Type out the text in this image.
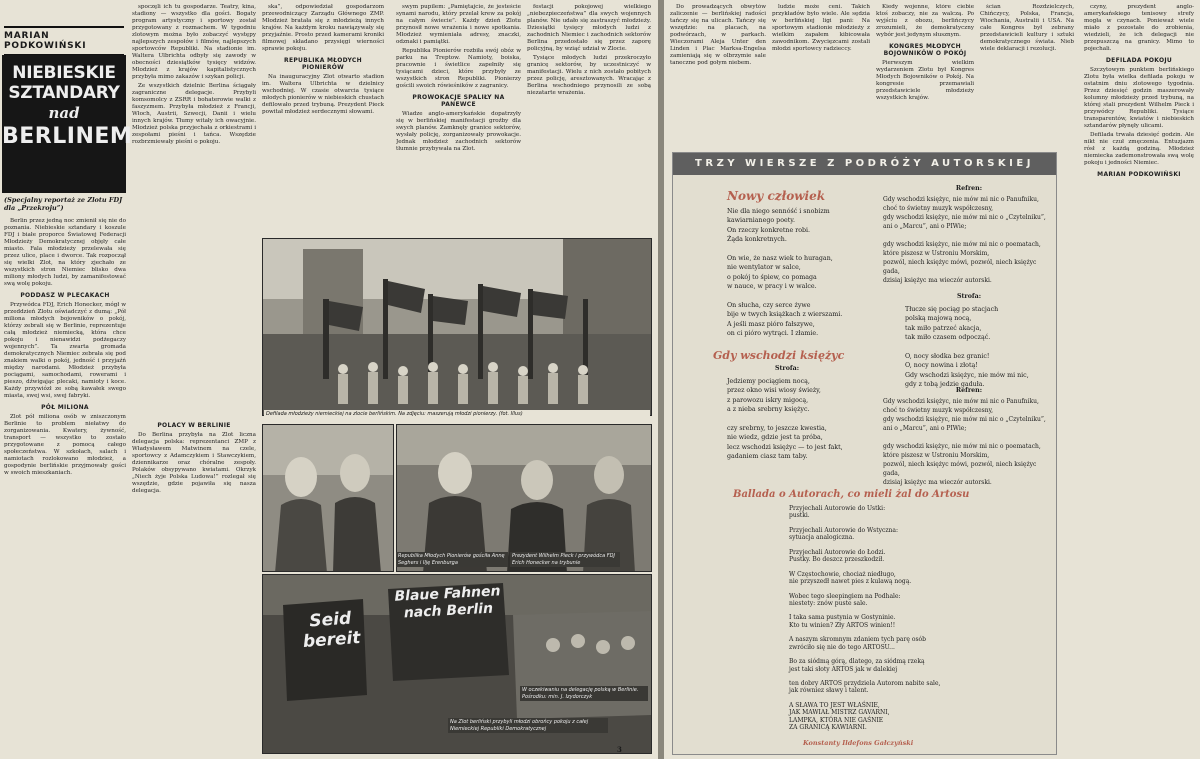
MARIAN PODKOWIŃSKI
NIEBIESKIE
SZTANDARY
nad
BERLINEM
(Specjalny reportaż ze Zlotu FDJ dla „Przekroju”)

Berlin przez jedną noc zmienił się nie do poznania. Niebieskie sztandary i koszule FDJ i białe proporce Światowej Federacji Młodzieży Demokratycznej objęły całe miasto. Fala młodzieży przelewała się przez ulice, place i dworce. Tak rozpoczął się wielki Zlot, na który zjechało ze wszystkich stron Niemiec blisko dwa miliony młodych ludzi, by zamanifestować swą wolę pokoju.

PODDASZ W PLECAKACH

Przywódca FDJ, Erich Honecker, mógł w przeddzień Zlotu oświadczyć z dumą: „Pół miliona młodych bojowników o pokój, którzy zebrali się w Berlinie, reprezentuje całą młodzież niemiecką, która chce pokoju i nienawidzi podżegaczy wojennych”. Ta zwarta gromada demokratycznych Niemiec zebrała się pod znakiem walki o pokój, jedność i przyjaźń między narodami. Młodzież przybyła pociągami, samochodami, rowerami i pieszo, dźwigając plecaki, namioty i koce. Każdy przywiózł ze sobą kawałek swego miasta, swej wsi, swej fabryki.

PÓŁ MILIONA

Zlot pół miliona osób w zniszczonym Berlinie to problem niełatwy do zorganizowania. Kwatery, żywność, transport — wszystko to zostało przygotowane z pomocą całego społeczeństwa. W szkołach, salach i namiotach rozlokowano młodzież, a gospodynie berlińskie przyjmowały gości w swoich mieszkaniach.

spoczęli ich tu gospodarze. Teatry, kina, stadiony — wszystko dla gości. Bogaty program artystyczny i sportowy został przygotowany z rozmachem. W tygodniu zlotowym można było zobaczyć występy najlepszych zespołów i filmów, najlepszych sportowców Republiki. Na stadionie im. Waltera Ulbrichta odbyły się zawody w obecności dziesiątków tysięcy widzów. Młodzież z krajów kapitalistycznych przybyła mimo zakazów i szykan policji.

Ze wszystkich dzielnic Berlina ściągały zagraniczne delegacje. Przybyli komsomolcy z ZSRR i bohaterowie walki z faszyzmem. Przybyła młodzież z Francji, Włoch, Austrii, Szwecji, Danii i wielu innych krajów. Tłumy witały ich owacyjnie. Młodzież polska przyjechała z orkiestrami i zespołami pieśni i tańca. Wszędzie rozbrzmiewały pieśni o pokoju.

ska”, odpowiedział gospodarzom przewodniczący Zarządu Głównego ZMP. Młodzież bratała się z młodzieżą innych krajów. Na każdym kroku nawiązywały się przyjaźnie. Prosto przed kamerami kroniki filmowej składano przysięgi wierności sprawie pokoju.

REPUBLIKA MŁODYCH PIONIERÓW

Na inauguracyjny Zlot otwarto stadion im. Waltera Ulbrichta w dzielnicy wschodniej. W czasie otwarcia tysiące młodych pionierów w niebieskich chustach defilowało przed trybuną. Prezydent Pieck powitał młodzież serdecznymi słowami.

swym pupilem: „Pamiętajcie, że jesteście synami narodu, który przelał krew za pokój na całym świecie”. Każdy dzień Zlotu przynosił nowe wrażenia i nowe spotkania. Młodzież wymieniała adresy, znaczki, odznaki i pamiątki.

Republika Pionierów rozbiła swój obóz w parku na Treptow. Namioty, boiska, pracownie i świetlice zapełniły się tysiącami dzieci, które przybyły ze wszystkich stron Republiki. Pionierzy gościli swoich rówieśników z zagranicy.

PROWOKACJE SPALIŁY NA PANEWCE

Wiadze anglo-amerykańskie dopatrzyły się w berlińskiej manifestacji groźby dla swych planów. Zamknęły granice sektorów, wysłały policję, zorganizowały prowokacje. Jednak młodzież zachodnich sektorów tłumnie przybywała na Zlot.

festacji pokojowej wielkiego „niebezpieczeństwa” dla swych wojennych planów. Nie udało się zastraszyć młodzieży. Dziesiątki tysięcy młodych ludzi z zachodnich Niemiec i zachodnich sektorów Berlina przedostało się przez zaporę policyjną, by wziąć udział w Zlocie.

Tysiące młodych ludzi przekroczyło granicę sektorów, by uczestniczyć w manifestacji. Wielu z nich zostało pobitych przez policję, aresztowanych. Wracając z Berlina wschodniego przynosili ze sobą niezatarte wrażenia.

Defilada młodzieży niemieckiej na zlocie berlińskim. Na zdjęciu: maszerują młodzi pionierzy. (fot. Illus)
POLACY W BERLINIE

Do Berlina przybyła na Zlot liczna delegacja polska: reprezentanci ZMP z Władysławem Matwinem na czele, sportowcy z Adamczykiem i Stawczykiem, dziennikarze oraz chóralne zespoły. Polaków obsypywano kwiatami. Okrzyk „Niech żyje Polska Ludowa!” rozlegał się wszędzie, gdzie pojawiła się nasza delegacja.

Republika Młodych Pionierów gościła Annę Seghers i Ilję Erenburga
Prezydent Wilhelm Pieck i przywódca FDJ Erich Honecker na trybunie
Seid bereit
Blaue Fahnen nach Berlin
W oczekiwaniu na delegację polską w Berlinie. Pośrodku: min. J. Izydorczyk
Na Zlot berliński przybyli młodzi obrońcy pokoju z całej Niemieckiej Republiki Demokratycznej
3

Do prowadzących obwytów zaliczenie — berlińskiej radości tańczy się na ulicach. Tańczy się wszędzie: na placach, na podwórzach, w parkach. Wieczorami Aleja Unter den Linden i Plac Marksa-Engelsa zamieniają się w olbrzymie sale taneczne pod gołym niebem.

ludzie może ceni. Takich przykładów było wiele. Ale sędzia w berlińskiej ligi pani: Na sportowym stadionie młodzieży z wielkim zapałem kibicowała zawodnikom. Zwycięzcami zostali młodzi sportowcy radzieccy.

Kiedy wojenne, które ciebie ktoś zobaczy, nie za walczą. Po wyjściu z obozu, berlińczycy zrozumieli, że demokratyczny wybór jest jedynym słusznym.

KONGRES MŁODYCH BOJOWNIKÓW O POKÓJ

Pierwszym wielkim wydarzeniem Zlotu był Kongres Młodych Bojowników o Pokój. Na kongresie przemawiali przedstawiciele młodzieży wszystkich krajów.

ścian Rozdzielczych, Chińczycy, Polska, Francja, Wiochania, Australii i USA. Na całe Kongres był zebrany przedstawicieli kultury i sztuki demokratycznego świata. Nieb wiele deklaracji i rezolucji.

czyny, prezydent anglo-amerykańskiego tenisowy strefy mogła w czynach. Ponieważ wiele miało z pozostałe do zrobienia, wiedzieli, że ich delegacji nie przepuszczą na granicy. Mimo to pojechali.

DEFILADA POKOJU

Szczytowym punktem berlińskiego Zlotu była wielka defilada pokoju w ostatnim dniu zlotowego tygodnia. Przez dziesięć godzin maszerowały kolumny młodzieży przed trybuną, na której stali prezydent Wilhelm Pieck i przywódcy Republiki. Tysiące transparentów, kwiatów i niebieskich sztandarów płynęły ulicami.

Defilada trwała dziesięć godzin. Ale nikt nie czuł zmęczenia. Entuzjazm rósł z każdą godziną. Młodzież niemiecka zademonstrowała swą wolę pokoju i jedności Niemiec.

MARIAN PODKOWIŃSKI
TRZY WIERSZE Z PODRÓŻY AUTORSKIEJ
Nowy człowiek
Nie dla niego sennóść i snobizm
kawiarnianego poety.
On rzeczy konkretne robi.
Żąda konkretnych.

On wie, że nasz wiek to huragan,
nie wentylator w salce,
o pokój to śpiew, co pomaga
w nauce, w pracy i w walce.

On słucha, czy serce żywe
bije w twych książkach z wierszami.
A jeśli masz pióro fałszywe,
on ci pióro wytrąci. I złamie.
Gdy wschodzi księżyc
Strofa:
Jedziemy pociągiem nocą,
przez okno wisi wiosy świeży,
z parowozu iskry migocą,
a z nieba srebrny księżyc.

czy srebrny, to jeszcze kwestia,
nie wiedz, gdzie jest ta próba,
lecz wschodzi księżyc — to jest fakt,
gadaniem ciasz tam taby.
Refren:
Gdy wschodzi księżyc, nie mów mi nic o Panufniku,
choć to świetny muzyk współczesny,
gdy wschodzi księżyc, nie mów mi nic o „Czytelniku”,
ani o „Marcu”, ani o PIWie;

gdy wschodzi księżyc, nie mów mi nic o poematach,
które piszesz w Ustroniu Morskim,
pozwól, niech księżyc mówi, pozwól, niech księżyc gada,
dzisiaj księżyc ma wieczór autorski.
Strofa:
Tłucze się pociąg po stacjach
polską majową nocą,
tak miło patrzeć akacja,
tak miło czasem odpocząć.

O, nocy słodka bez granic!
O, nocy nowina i złotą!
Gdy wschodzi księżyc, nie mów mi nic,
gdy z tobą jedzie gaduła.
Refren:
Gdy wschodzi księżyc, nie mów mi nic o Panufniku,
choć to świetny muzyk współczesny,
gdy wschodzi księżyc, nie mów mi nic o „Czytelniku”,
ani o „Marcu”, ani o PIWie;

gdy wschodzi księżyc, nie mów mi nic o poematach,
które piszesz w Ustroniu Morskim,
pozwól, niech księżyc mówi, pozwól, niech księżyc gada,
dzisiaj księżyc ma wieczór autorski.
Ballada o Autorach, co mieli żal do Artosu
Przyjechali Autorowie do Ustki:
pustki.

Przyjechali Autorowie do Wstyczna:
sytuacja analogiczna.

Przyjechali Autorowie do Łodzi.
Pustky. Bo deszcz przeszkodził.

W Częstochowie, chociaż niedługo,
nie przyszedł nawet pies z kulawą nogą.

Wobec tego sleepingiem na Podhale:
niestety: znów puste sale.

I taka sama pustynia w Gostyninie.
Kto tu winien? Zły ARTOS winien!!

A naszym skromnym zdaniem tych parę osób
zwróciło się nie do tego ARTOSU...

Bo za siódmą górą, dlatego, za siódmą rzeką
jest taki słoty ARTOS jak w dalekiej

ten dobry ARTOS przydziela Autorom nabite sale,
jak równiez sławy i talent.

A SŁAWA TO JEST WŁAŚNIE,
JAK MAWIAŁ MISTRZ GAVARNI,
LAMPKA, KTÓRA NIE GAŚNIE
ZA GRANICĄ KAWIARNI.
Konstanty Ildefons Gałczyński
